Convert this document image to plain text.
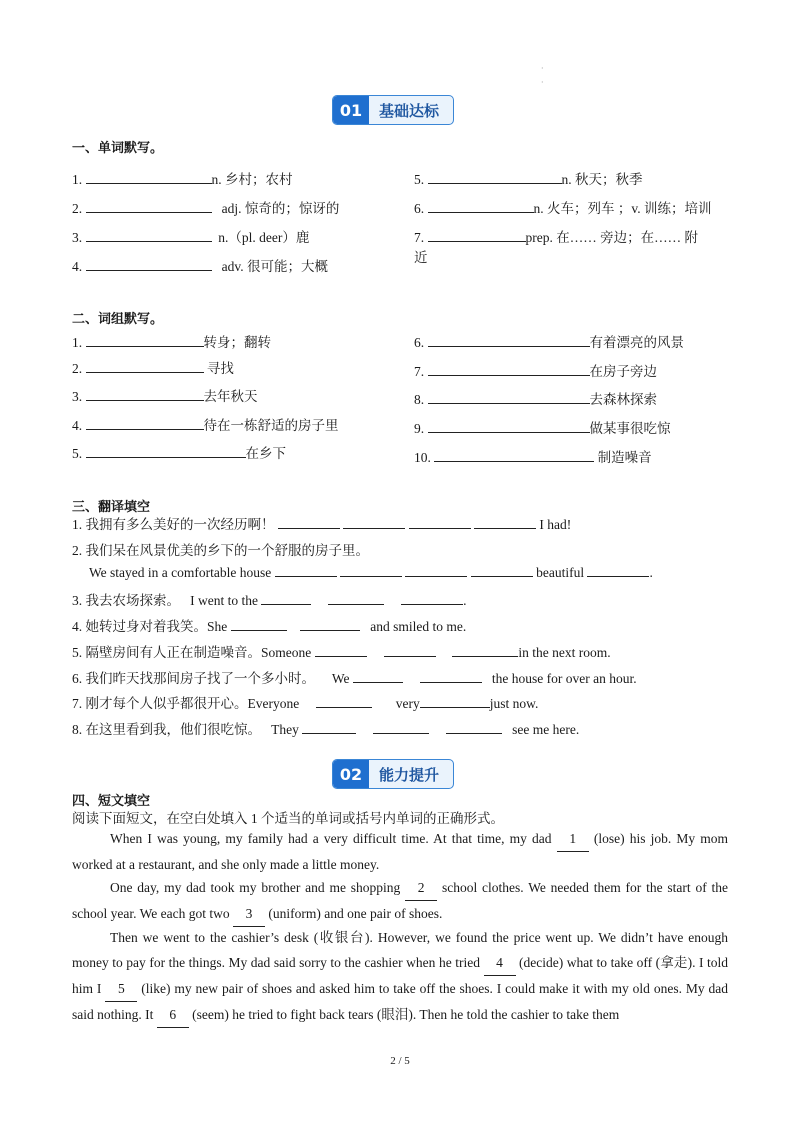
·
·
01	基础达标
一、单词默写。
1.	n. 乡村；农村
2.	adj. 惊奇的；惊讶的
3.	n.（pl. deer）鹿
4.	adv. 很可能；大概
5.	n. 秋天；秋季
6.	n. 火车；列车 ；v. 训练；培训
7.	prep. 在…… 旁边；在…… 附
近
二、词组默写。
1.	转身；翻转
2.	寻找
3.	去年秋天
4.	待在一栋舒适的房子里
5.	在乡下
6.	有着漂亮的风景
7.	在房子旁边
8.	去森林探索
9.	做某事很吃惊
10.	制造噪音
三、翻译填空
1. 我拥有多么美好的一次经历啊！	I had!
2. 我们呆在风景优美的乡下的一个舒服的房子里。
We stayed in a comfortable house	beautiful	.
3. 我去农场探索。 I went to the	.
4. 她转过身对着我笑。She	and smiled to me.
5. 隔壁房间有人正在制造噪音。Someone	in the next room.
6. 我们昨天找那间房子找了一个多小时。 We	the house for over an hour.
7. 刚才每个人似乎都很开心。Everyone	very	just now.
8. 在这里看到我，他们很吃惊。 They	see me here.
02	能力提升
四、短文填空
阅读下面短文，在空白处填入 1 个适当的单词或括号内单词的正确形式。
When I was young, my family had a very difficult time. At that time, my dad 1 (lose) his job. My mom worked at a restaurant, and she only made a little money.
One day, my dad took my brother and me shopping 2 school clothes. We needed them for the start of the school year. We each got two 3 (uniform) and one pair of shoes.
Then we went to the cashier’s desk (收银台). However, we found the price went up. We didn’t have enough money to pay for the things. My dad said sorry to the cashier when he tried 4 (decide) what to take off (拿走). I told him I 5 (like) my new pair of shoes and asked him to take off the shoes. I could make it with my old ones. My dad said nothing. It 6 (seem) he tried to fight back tears (眼泪). Then he told the cashier to take them
2 / 5
